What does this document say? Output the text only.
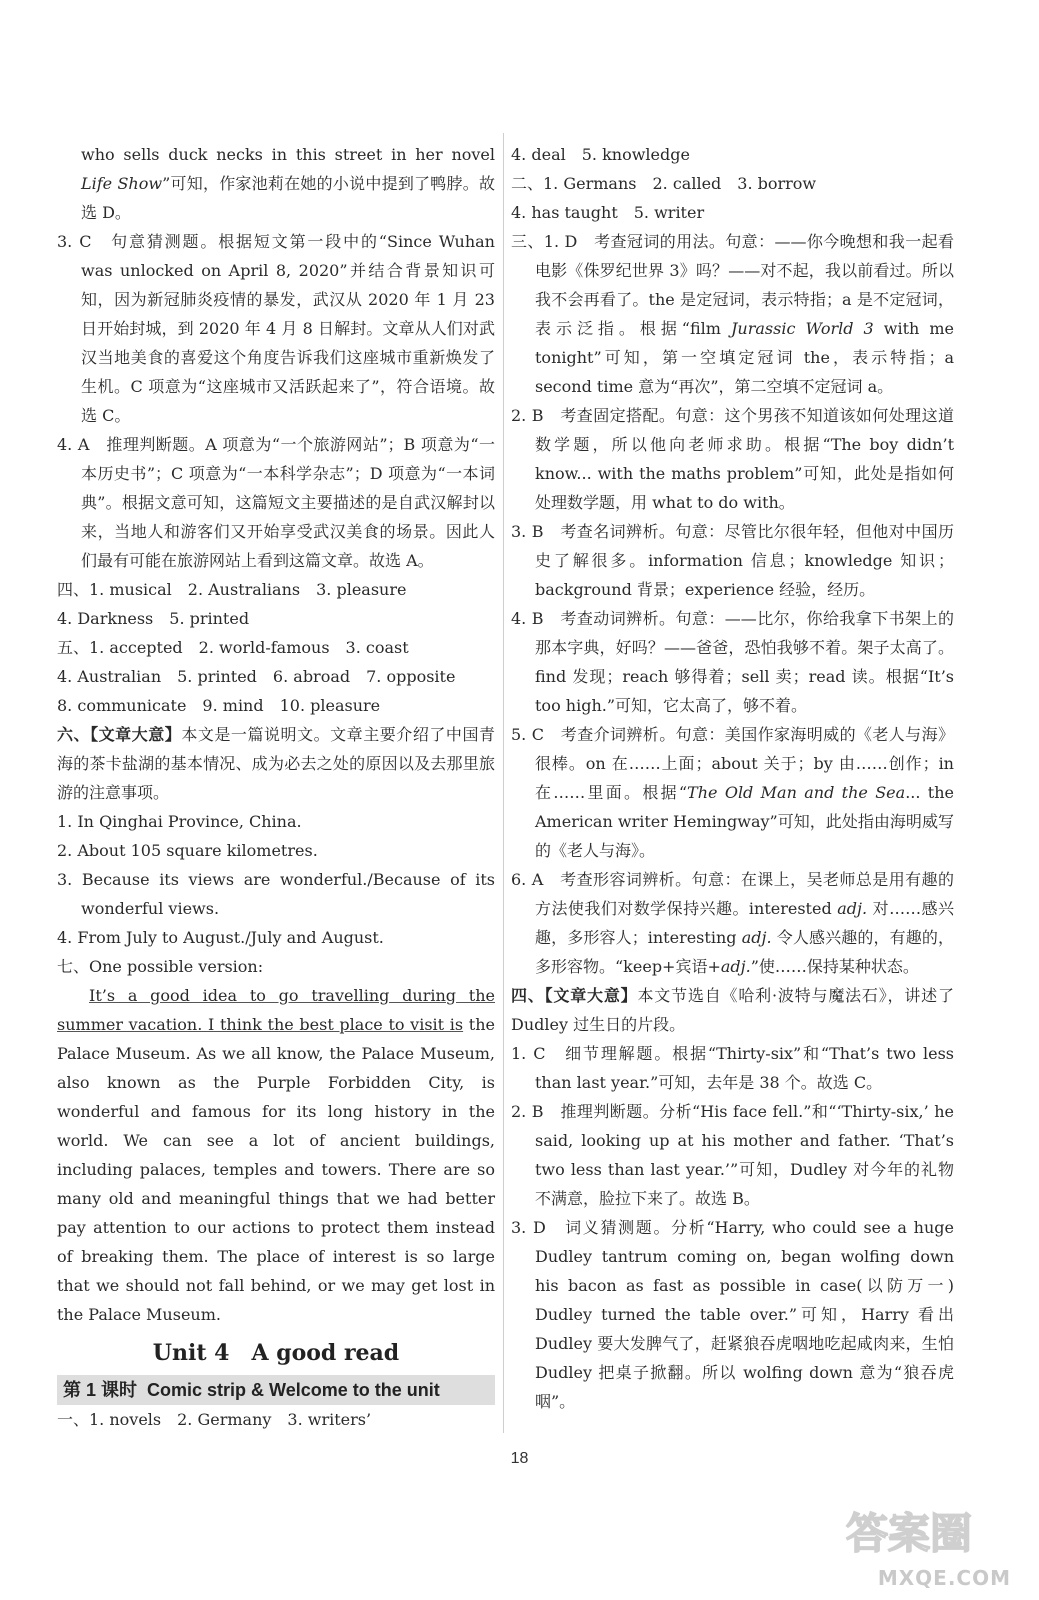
who sells duck necks in this street in her novel Life Show”可知，作家池莉在她的小说中提到了鸭脖。故选 D。

3. C　句意猜测题。根据短文第一段中的“Since Wuhan was unlocked on April 8, 2020”并结合背景知识可知，因为新冠肺炎疫情的暴发，武汉从 2020 年 1 月 23 日开始封城，到 2020 年 4 月 8 日解封。文章从人们对武汉当地美食的喜爱这个角度告诉我们这座城市重新焕发了生机。C 项意为“这座城市又活跃起来了”，符合语境。故选 C。

4. A　推理判断题。A 项意为“一个旅游网站”；B 项意为“一本历史书”；C 项意为“一本科学杂志”；D 项意为“一本词典”。根据文意可知，这篇短文主要描述的是自武汉解封以来，当地人和游客们又开始享受武汉美食的场景。因此人们最有可能在旅游网站上看到这篇文章。故选 A。

四、1. musical　2. Australians　3. pleasure

4. Darkness　5. printed

五、1. accepted　2. world-famous　3. coast

4. Australian　5. printed　6. abroad　7. opposite

8. communicate　9. mind　10. pleasure

六、【文章大意】本文是一篇说明文。文章主要介绍了中国青海的茶卡盐湖的基本情况、成为必去之处的原因以及去那里旅游的注意事项。

1. In Qinghai Province, China.

2. About 105 square kilometres.

3. Because its views are wonderful./Because of its wonderful views.

4. From July to August./July and August.

七、One possible version:

It’s a good idea to go travelling during the summer vacation. I think the best place to visit is the Palace Museum. As we all know, the Palace Museum, also known as the Purple Forbidden City, is wonderful and famous for its long history in the world. We can see a lot of ancient buildings, including palaces, temples and towers. There are so many old and meaningful things that we had better pay attention to our actions to protect them instead of breaking them. The place of interest is so large that we should not fall behind, or we may get lost in the Palace Museum.

Unit 4　A good read
第 1 课时 Comic strip & Welcome to the unit

一、1. novels　2. Germany　3. writers’

4. deal　5. knowledge

二、1. Germans　2. called　3. borrow

4. has taught　5. writer

三、1. D　考查冠词的用法。句意：——你今晚想和我一起看电影《侏罗纪世界 3》吗？——对不起，我以前看过。所以我不会再看了。the 是定冠词，表示特指；a 是不定冠词，表示泛指。根据“film Jurassic World 3 with me tonight”可知，第一空填定冠词 the，表示特指；a second time 意为“再次”，第二空填不定冠词 a。

2. B　考查固定搭配。句意：这个男孩不知道该如何处理这道数学题，所以他向老师求助。根据“The boy didn’t know... with the maths problem”可知，此处是指如何处理数学题，用 what to do with。

3. B　考查名词辨析。句意：尽管比尔很年轻，但他对中国历史了解很多。information 信息；knowledge 知识；background 背景；experience 经验，经历。

4. B　考查动词辨析。句意：——比尔，你给我拿下书架上的那本字典，好吗？——爸爸，恐怕我够不着。架子太高了。find 发现；reach 够得着；sell 卖；read 读。根据“It’s too high.”可知，它太高了，够不着。

5. C　考查介词辨析。句意：美国作家海明威的《老人与海》很棒。on 在……上面；about 关于；by 由……创作；in 在……里面。根据“The Old Man and the Sea... the American writer Hemingway”可知，此处指由海明威写的《老人与海》。

6. A　考查形容词辨析。句意：在课上，吴老师总是用有趣的方法使我们对数学保持兴趣。interested adj. 对……感兴趣，多形容人；interesting adj. 令人感兴趣的，有趣的，多形容物。“keep+宾语+adj.”使……保持某种状态。

四、【文章大意】本文节选自《哈利·波特与魔法石》，讲述了 Dudley 过生日的片段。

1. C　细节理解题。根据“Thirty-six”和“That’s two less than last year.”可知，去年是 38 个。故选 C。

2. B　推理判断题。分析“His face fell.”和“‘Thirty-six,’ he said, looking up at his mother and father. ‘That’s two less than last year.’”可知，Dudley 对今年的礼物不满意，脸拉下来了。故选 B。

3. D　词义猜测题。分析“Harry, who could see a huge Dudley tantrum coming on, began wolfing down his bacon as fast as possible in case(以防万一) Dudley turned the table over.”可知，Harry 看出 Dudley 要大发脾气了，赶紧狼吞虎咽地吃起咸肉来，生怕 Dudley 把桌子掀翻。所以 wolfing down 意为“狼吞虎咽”。

18
答案圈
MXQE.COM
